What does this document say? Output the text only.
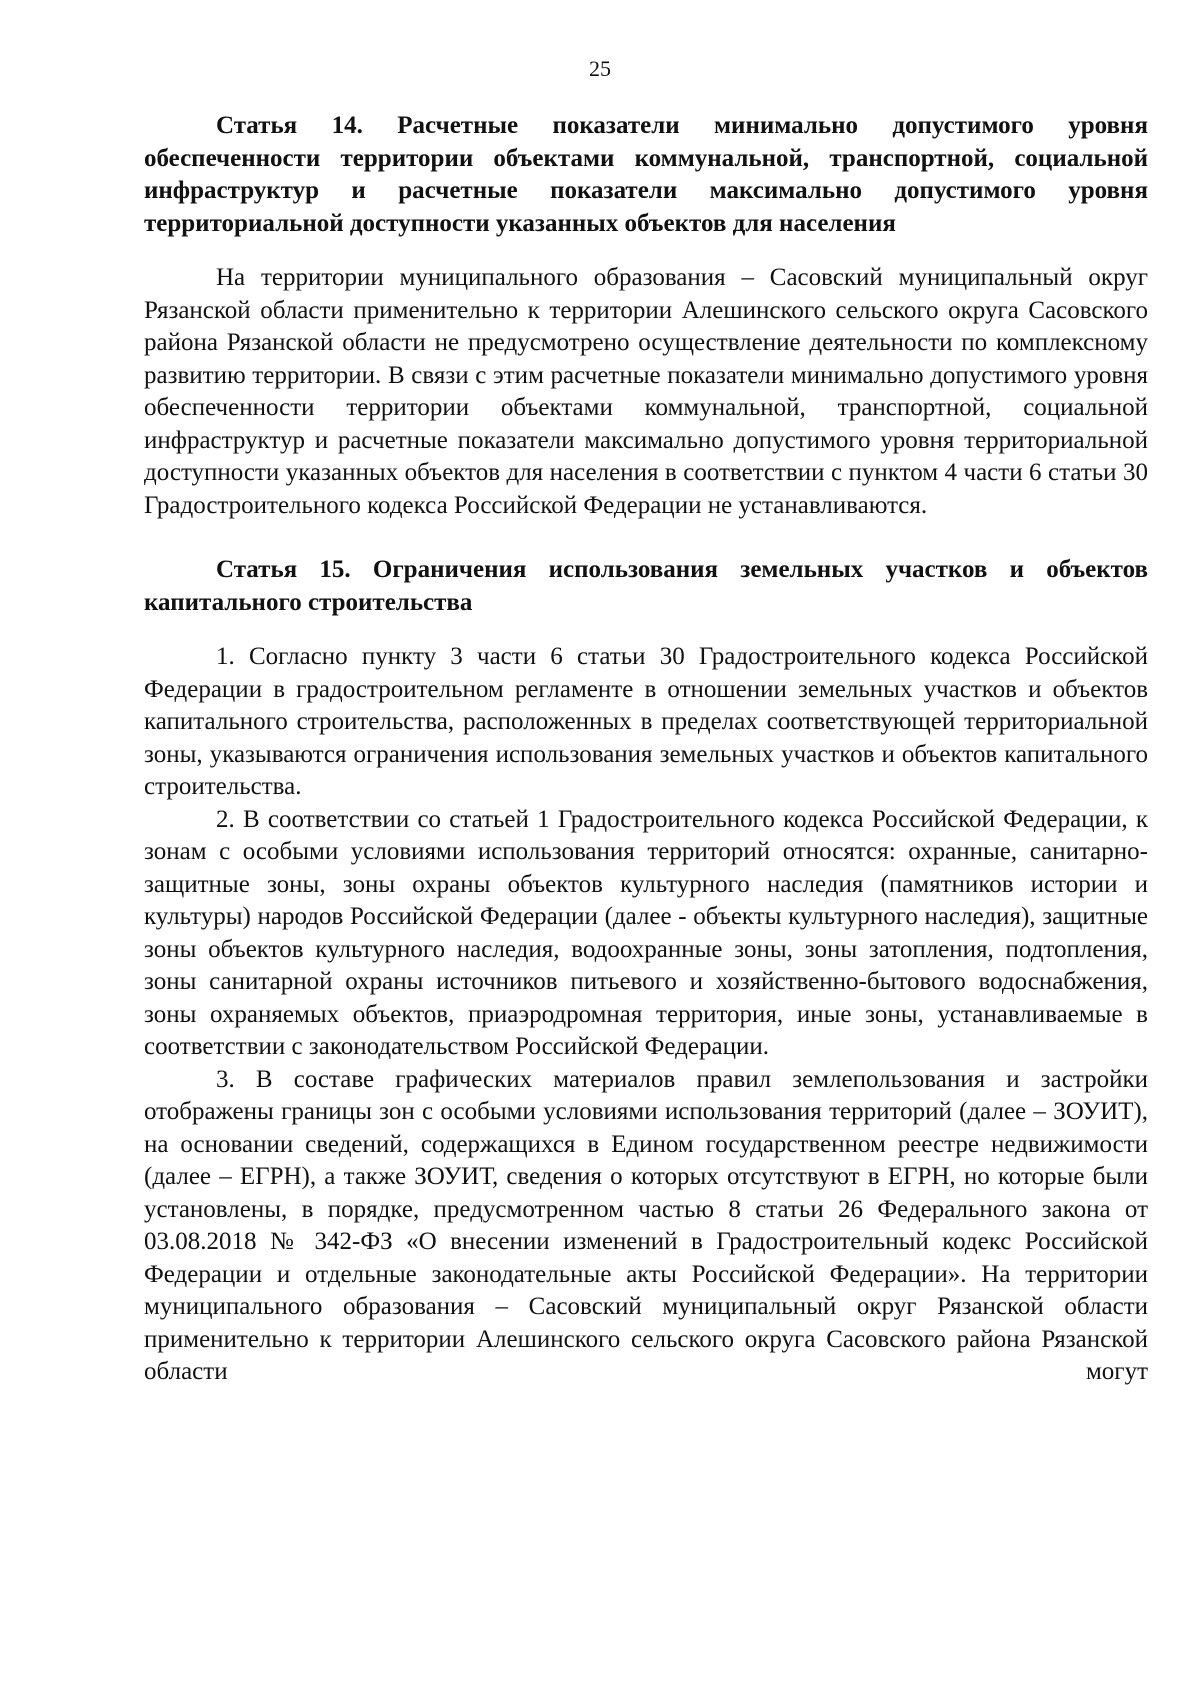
25

Статья 14. Расчетные показатели минимально допустимого уровня обеспеченности территории объектами коммунальной, транспортной, социальной инфраструктур и расчетные показатели максимально допустимого уровня территориальной доступности указанных объектов для населения

На территории муниципального образования – Сасовский муниципальный округ Рязанской области применительно к территории Алешинского сельского округа Сасовского района Рязанской области не предусмотрено осуществление деятельности по комплексному развитию территории. В связи с этим расчетные показатели минимально допустимого уровня обеспеченности территории объектами коммунальной, транспортной, социальной инфраструктур и расчетные показатели максимально допустимого уровня территориальной доступности указанных объектов для населения в соответствии с пунктом 4 части 6 статьи 30 Градостроительного кодекса Российской Федерации не устанавливаются.

Статья 15. Ограничения использования земельных участков и объектов капитального строительства

1. Согласно пункту 3 части 6 статьи 30 Градостроительного кодекса Российской Федерации в градостроительном регламенте в отношении земельных участков и объектов капитального строительства, расположенных в пределах соответствующей территориальной зоны, указываются ограничения использования земельных участков и объектов капитального строительства.

2. В соответствии со статьей 1 Градостроительного кодекса Российской Федерации, к зонам с особыми условиями использования территорий относятся: охранные, санитарно-защитные зоны, зоны охраны объектов культурного наследия (памятников истории и культуры) народов Российской Федерации (далее - объекты культурного наследия), защитные зоны объектов культурного наследия, водоохранные зоны, зоны затопления, подтопления, зоны санитарной охраны источников питьевого и хозяйственно-бытового водоснабжения, зоны охраняемых объектов, приаэродромная территория, иные зоны, устанавливаемые в соответствии с законодательством Российской Федерации.

3. В составе графических материалов правил землепользования и застройки отображены границы зон с особыми условиями использования территорий (далее – ЗОУИТ), на основании сведений, содержащихся в Едином государственном реестре недвижимости (далее – ЕГРН), а также ЗОУИТ, сведения о которых отсутствуют в ЕГРН, но которые были установлены, в порядке, предусмотренном частью 8 статьи 26 Федерального закона от 03.08.2018 № 342-ФЗ «О внесении изменений в Градостроительный кодекс Российской Федерации и отдельные законодательные акты Российской Федерации». На территории муниципального образования – Сасовский муниципальный округ Рязанской области применительно к территории Алешинского сельского округа Сасовского района Рязанской области могут
